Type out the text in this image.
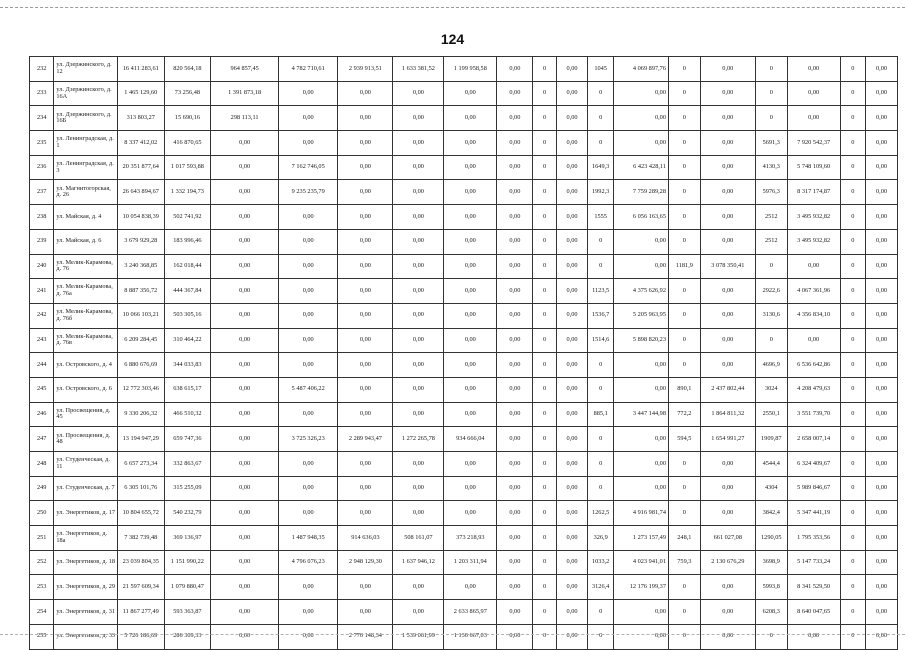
124
232	ул. Дзержинского, д. 12	16 411 283,61	820 564,18	964 857,45	4 782 710,61	2 939 913,51	1 633 381,52	1 199 958,58	0,00	0	0,00	1045	4 069 897,76	0	0,00	0	0,00	0	0,00
233	ул. Дзержинского, д. 16А	1 465 129,60	73 256,48	1 391 873,18	0,00	0,00	0,00	0,00	0,00	0	0,00	0	0,00	0	0,00	0	0,00	0	0,00
234	ул. Дзержинского, д. 16Б	313 803,27	15 690,16	298 113,11	0,00	0,00	0,00	0,00	0,00	0	0,00	0	0,00	0	0,00	0	0,00	0	0,00
235	ул. Ленинградская, д. 1	8 337 412,02	416 870,65	0,00	0,00	0,00	0,00	0,00	0,00	0	0,00	0	0,00	0	0,00	5691,3	7 920 542,37	0	0,00
236	ул. Ленинградская, д. 3	20 351 877,64	1 017 593,88	0,00	7 162 746,05	0,00	0,00	0,00	0,00	0	0,00	1649,3	6 423 428,11	0	0,00	4130,3	5 748 109,60	0	0,00
237	ул. Магнитогорская, д. 26	26 643 894,67	1 332 194,73	0,00	9 235 235,79	0,00	0,00	0,00	0,00	0	0,00	1992,3	7 759 289,28	0	0,00	5976,3	8 317 174,87	0	0,00
238	ул. Майская, д. 4	10 054 838,39	502 741,92	0,00	0,00	0,00	0,00	0,00	0,00	0	0,00	1555	6 056 163,65	0	0,00	2512	3 495 932,82	0	0,00
239	ул. Майская, д. 6	3 679 929,28	183 996,46	0,00	0,00	0,00	0,00	0,00	0,00	0	0,00	0	0,00	0	0,00	2512	3 495 932,82	0	0,00
240	ул. Мелик-Карамова, д. 76	3 240 368,85	162 018,44	0,00	0,00	0,00	0,00	0,00	0,00	0	0,00	0	0,00	1181,9	3 078 350,41	0	0,00	0	0,00
241	ул. Мелик-Карамова, д. 76а	8 887 356,72	444 367,84	0,00	0,00	0,00	0,00	0,00	0,00	0	0,00	1123,5	4 375 626,92	0	0,00	2922,6	4 067 361,96	0	0,00
242	ул. Мелик-Карамова, д. 76б	10 066 103,21	503 305,16	0,00	0,00	0,00	0,00	0,00	0,00	0	0,00	1536,7	5 205 963,95	0	0,00	3130,6	4 356 834,10	0	0,00
243	ул. Мелик-Карамова, д. 76в	6 209 284,45	310 464,22	0,00	0,00	0,00	0,00	0,00	0,00	0	0,00	1514,6	5 898 820,23	0	0,00	0	0,00	0	0,00
244	ул. Островского, д. 4	6 880 676,69	344 033,83	0,00	0,00	0,00	0,00	0,00	0,00	0	0,00	0	0,00	0	0,00	4696,9	6 536 642,86	0	0,00
245	ул. Островского, д. 6	12 772 303,46	638 615,17	0,00	5 487 406,22	0,00	0,00	0,00	0,00	0	0,00	0	0,00	890,1	2 437 802,44	3024	4 208 479,63	0	0,00
246	ул. Просвещения, д. 45	9 330 206,32	466 510,32	0,00	0,00	0,00	0,00	0,00	0,00	0	0,00	885,1	3 447 144,98	772,2	1 864 811,32	2550,1	3 551 739,70	0	0,00
247	ул. Просвещения, д. 48	13 194 947,29	659 747,36	0,00	3 725 326,23	2 289 943,47	1 272 265,78	934 666,04	0,00	0	0,00	0	0,00	594,5	1 654 991,27	1909,87	2 658 007,14	0	0,00
248	ул. Студенческая, д. 11	6 657 273,34	332 863,67	0,00	0,00	0,00	0,00	0,00	0,00	0	0,00	0	0,00	0	0,00	4544,4	6 324 409,67	0	0,00
249	ул. Студенческая, д. 7	6 305 101,76	315 255,09	0,00	0,00	0,00	0,00	0,00	0,00	0	0,00	0	0,00	0	0,00	4304	5 989 846,67	0	0,00
250	ул. Энергетиков, д. 17	10 804 655,72	540 232,79	0,00	0,00	0,00	0,00	0,00	0,00	0	0,00	1262,5	4 916 981,74	0	0,00	3842,4	5 347 441,19	0	0,00
251	ул. Энергетиков, д. 18а	7 382 739,48	369 136,97	0,00	1 487 948,35	914 636,03	508 161,07	373 218,93	0,00	0	0,00	326,9	1 273 157,49	248,1	661 027,08	1290,05	1 795 353,56	0	0,00
252	ул. Энергетиков, д. 18	23 039 804,35	1 151 990,22	0,00	4 796 076,23	2 948 129,30	1 637 946,12	1 203 311,94	0,00	0	0,00	1033,2	4 023 941,01	759,3	2 130 676,29	3698,9	5 147 733,24	0	0,00
253	ул. Энергетиков, д. 29	21 597 609,34	1 079 880,47	0,00	0,00	0,00	0,00	0,00	0,00	0	0,00	3126,4	12 176 199,37	0	0,00	5993,8	8 341 529,50	0	0,00
254	ул. Энергетиков, д. 31	11 867 277,49	593 363,87	0,00	0,00	0,00	0,00	2 633 865,97	0,00	0	0,00	0	0,00	0	0,00	6208,3	8 640 047,65	0	0,00
255	ул. Энергетиков, д. 33	5 726 186,69	286 309,33	0,00	0,00	2 770 148,34	1 539 061,99	1 130 667,03	0,00	0	0,00	0	0,00	0	0,00	0	0,00	0	0,00
